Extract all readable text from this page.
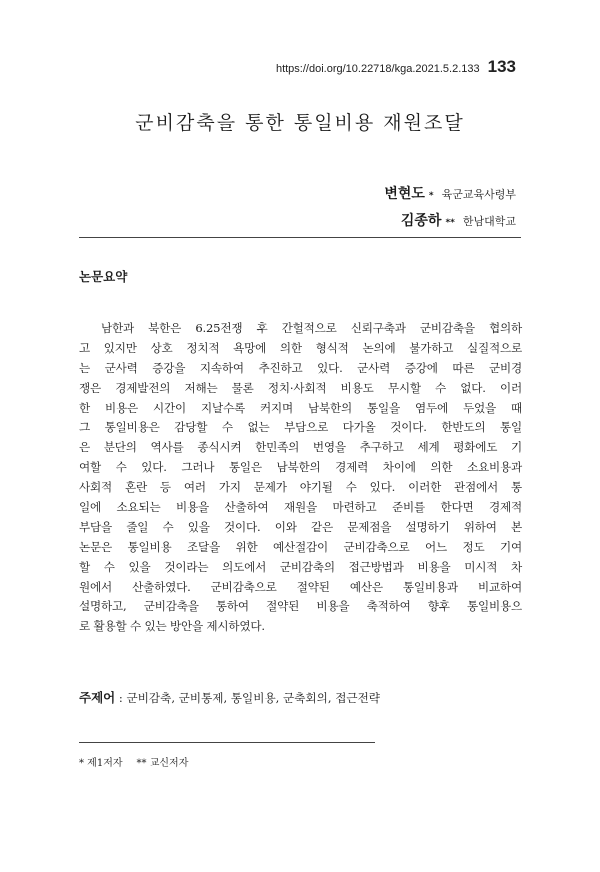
https://doi.org/10.22718/kga.2021.5.2.133 133
군비감축을 통한 통일비용 재원조달
변현도 * 육군교육사령부
김종하 ** 한남대학교
논문요약
　남한과 북한은 6.25전쟁 후 간헐적으로 신뢰구축과 군비감축을 협의하
고 있지만 상호 정치적 욕망에 의한 형식적 논의에 불가하고 실질적으로
는 군사력 증강을 지속하여 추진하고 있다. 군사력 증강에 따른 군비경
쟁은 경제발전의 저해는 물론 정치·사회적 비용도 무시할 수 없다. 이러
한 비용은 시간이 지날수록 커지며 남북한의 통일을 염두에 두었을 때
그 통일비용은 감당할 수 없는 부담으로 다가올 것이다. 한반도의 통일
은 분단의 역사를 종식시켜 한민족의 번영을 추구하고 세계 평화에도 기
여할 수 있다. 그러나 통일은 남북한의 경제력 차이에 의한 소요비용과
사회적 혼란 등 여러 가지 문제가 야기될 수 있다. 이러한 관점에서 통
일에 소요되는 비용을 산출하여 재원을 마련하고 준비를 한다면 경제적
부담을 줄일 수 있을 것이다. 이와 같은 문제점을 설명하기 위하여 본
논문은 통일비용 조달을 위한 예산절감이 군비감축으로 어느 정도 기여
할 수 있을 것이라는 의도에서 군비감축의 접근방법과 비용을 미시적 차
원에서 산출하였다. 군비감축으로 절약된 예산은 통일비용과 비교하여
설명하고, 군비감축을 통하여 절약된 비용을 축적하여 향후 통일비용으
로 활용할 수 있는 방안을 제시하였다.
주제어 : 군비감축, 군비통제, 통일비용, 군축회의, 접근전략
* 제1저자 ** 교신저자
